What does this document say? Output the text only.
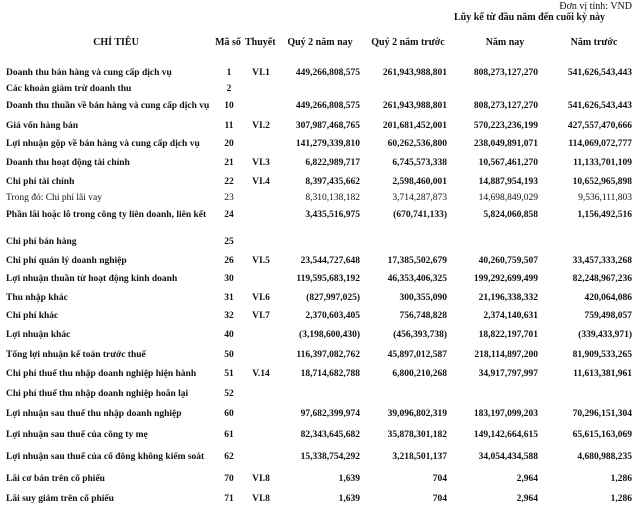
Đơn vị tính: VND
Lũy kế từ đầu năm đến cuối kỳ này
CHỈ TIÊU	Mã số Thuyết	Quý 2 năm nay	Quý 2 năm trước	Năm nay	Năm trước
Doanh thu bán hàng và cung cấp dịch vụ	1	VI.1	449,266,808,575 261,943,988,801	808,273,127,270	541,626,543,443
Các khoản giảm trừ doanh thu	2
Doanh thu thuần về bán hàng và cung cấp dịch vụ	10	449,266,808,575 261,943,988,801	808,273,127,270	541,626,543,443
Giá vốn hàng bán	11	VI.2	307,987,468,765 201,681,452,001	570,223,236,199	427,557,470,666
Lợi nhuận gộp về bán hàng và cung cấp dịch vụ	20	141,279,339,810	60,262,536,800	238,049,891,071	114,069,072,777
Doanh thu hoạt động tài chính	21	VI.3	6,822,989,717	6,745,573,338	10,567,461,270	11,133,701,109
Chi phí tài chính	22	VI.4	8,397,435,662	2,598,460,001	14,887,954,193	10,652,965,898
Trong đó: Chi phí lãi vay	23	8,310,138,182	3,714,287,873	14,698,849,029	9,536,111,803
Phần lãi hoặc lỗ trong công ty liên doanh, liên kết	24	3,435,516,975	(670,741,133)	5,824,060,858	1,156,492,516
Chi phí bán hàng	25
Chi phí quản lý doanh nghiệp	26	VI.5	23,544,727,648	17,385,502,679	40,260,759,507	33,457,333,268
Lợi nhuận thuần từ hoạt động kinh doanh	30	119,595,683,192	46,353,406,325	199,292,699,499	82,248,967,236
Thu nhập khác	31	VI.6	(827,997,025)	300,355,090	21,196,338,332	420,064,086
Chi phí khác	32	VI.7	2,370,603,405	756,748,828	2,374,140,631	759,498,057
Lợi nhuận khác	40	(3,198,600,430)	(456,393,738)	18,822,197,701	(339,433,971)
Tổng lợi nhuận kế toán trước thuế	50	116,397,082,762	45,897,012,587	218,114,897,200	81,909,533,265
Chi phí thuế thu nhập doanh nghiệp hiện hành	51	V.14	18,714,682,788	6,800,210,268	34,917,797,997	11,613,381,961
Chi phí thuế thu nhập doanh nghiệp hoãn lại	52
Lợi nhuận sau thuế thu nhập doanh nghiệp	60	97,682,399,974	39,096,802,319	183,197,099,203	70,296,151,304
Lợi nhuận sau thuế của công ty mẹ	61	82,343,645,682	35,878,301,182	149,142,664,615	65,615,163,069
Lợi nhuận sau thuế của cổ đông không kiểm soát	62	15,338,754,292	3,218,501,137	34,054,434,588	4,680,988,235
Lãi cơ bản trên cổ phiếu	70	VI.8	1,639	704	2,964	1,286
Lãi suy giảm trên cổ phiếu	71	VI.8	1,639	704	2,964	1,286
